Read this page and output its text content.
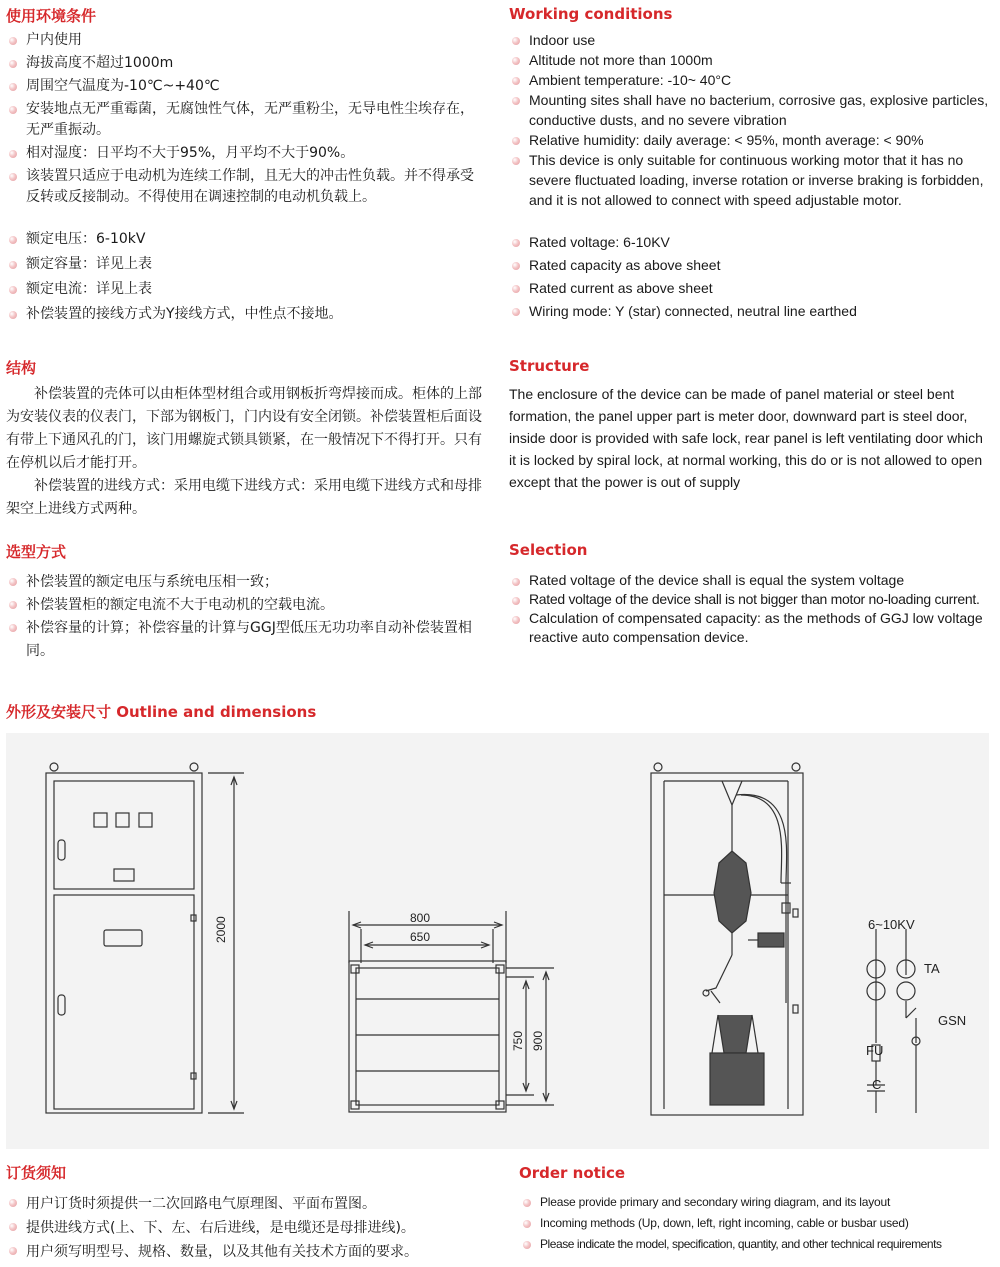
使用环境条件	Working conditions
户内使用
海拔高度不超过1000m
周围空气温度为-10℃~+40℃
安装地点无严重霉菌，无腐蚀性气体，无严重粉尘，无导电性尘埃存在，无严重振动。
相对湿度：日平均不大于95%，月平均不大于90%。
该装置只适应于电动机为连续工作制，且无大的冲击性负载。并不得承受反转或反接制动。不得使用在调速控制的电动机负载上。
Indoor use
Altitude not more than 1000m
Ambient temperature: -10~ 40°C
Mounting sites shall have no bacterium, corrosive gas, explosive particles, conductive dusts, and no severe vibration
Relative humidity: daily average: < 95%, month average: < 90%
This device is only suitable for continuous working motor that it has no severe fluctuated loading, inverse rotation or inverse braking is forbidden, and it is not allowed to connect with speed adjustable motor.
额定电压：6-10kV
额定容量：详见上表
额定电流：详见上表
补偿装置的接线方式为Y接线方式，中性点不接地。
Rated voltage: 6-10KV
Rated capacity as above sheet
Rated current as above sheet
Wiring mode: Y (star) connected, neutral line earthed
结构	Structure

补偿装置的壳体可以由柜体型材组合或用钢板折弯焊接而成。柜体的上部为安装仪表的仪表门，下部为钢板门，门内设有安全闭锁。补偿装置柜后面设有带上下通风孔的门，该门用螺旋式锁具锁紧，在一般情况下不得打开。只有在停机以后才能打开。

补偿装置的进线方式：采用电缆下进线方式：采用电缆下进线方式和母排架空上进线方式两种。

The enclosure of the device can be made of panel material or steel bent formation, the panel upper part is meter door, downward part is steel door, inside door is provided with safe lock, rear panel is left ventilating door which it is locked by spiral lock, at normal working, this do or is not allowed to open except that the power is out of supply

选型方式	Selection
补偿装置的额定电压与系统电压相一致；
补偿装置柜的额定电流不大于电动机的空载电流。
补偿容量的计算；补偿容量的计算与GGJ型低压无功功率自动补偿装置相同。
Rated voltage of the device shall is equal the system voltage
Rated voltage of the device shall is not bigger than motor no-loading current.
Calculation of compensated capacity: as the methods of GGJ low voltage reactive auto compensation device.
外形及安装尺寸 Outline and dimensions
2000	800
650
750 900
6~10KV
TA
GSN
FU
C
订货须知	Order notice
用户订货时须提供一二次回路电气原理图、平面布置图。
提供进线方式(上、下、左、右后进线，是电缆还是母排进线)。
用户须写明型号、规格、数量，以及其他有关技术方面的要求。
Please provide primary and secondary wiring diagram, and its layout
Incoming methods (Up, down, left, right incoming, cable or busbar used)
Please indicate the model, specification, quantity, and other technical requirements
